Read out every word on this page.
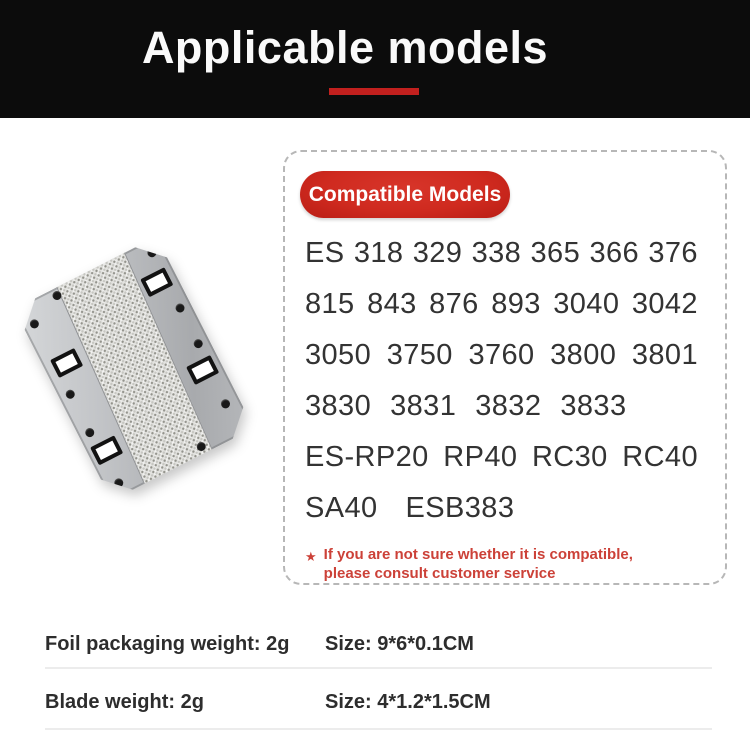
Applicable models
Compatible Models
ES 318 329 338 365 366 376
815 843 876 893 3040 3042
3050 3750 3760 3800 3801
3830 3831 3832 3833
ES-RP20 RP40 RC30 RC40
SA40 ESB383
★ If you are not sure whether it is compatible,
please consult customer service
Foil packaging weight: 2g	Size: 9*6*0.1CM
Blade weight: 2g	Size: 4*1.2*1.5CM
